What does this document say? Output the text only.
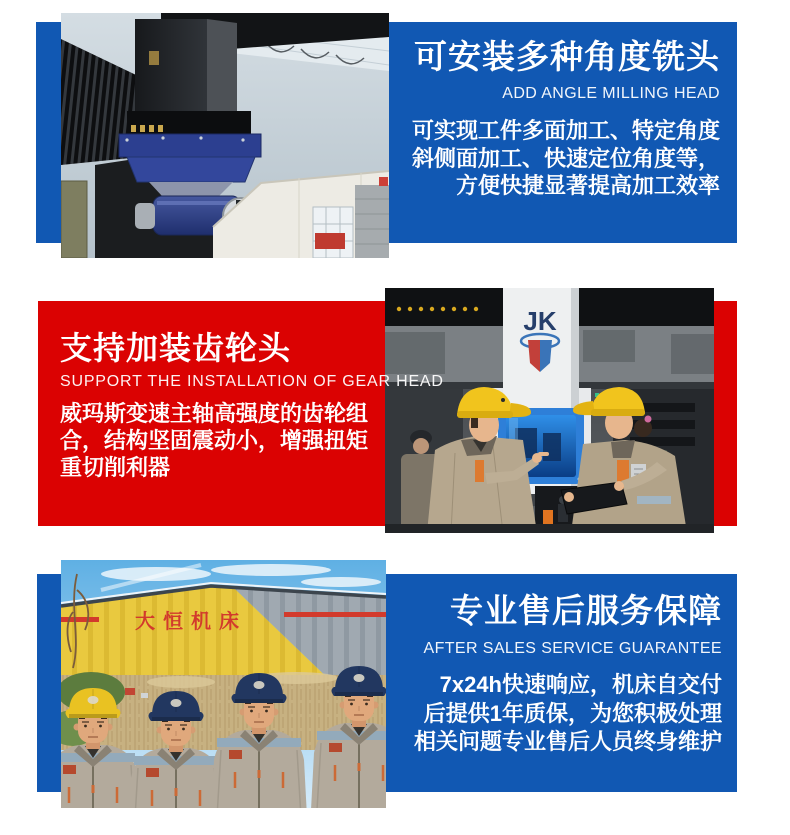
可安装多种角度铣头
ADD ANGLE MILLING HEAD
可实现工件多面加工、特定角度
斜侧面加工、快速定位角度等，
方便快捷显著提高加工效率
JK
支持加装齿轮头
SUPPORT THE INSTALLATION OF GEAR HEAD
威玛斯变速主轴高强度的齿轮组
合，结构坚固震动小，增强扭矩
重切削利器
大恒机床	专业售后服务保障
AFTER SALES SERVICE GUARANTEE
7x24h快速响应，机床自交付
后提供1年质保，为您积极处理
相关问题专业售后人员终身维护
